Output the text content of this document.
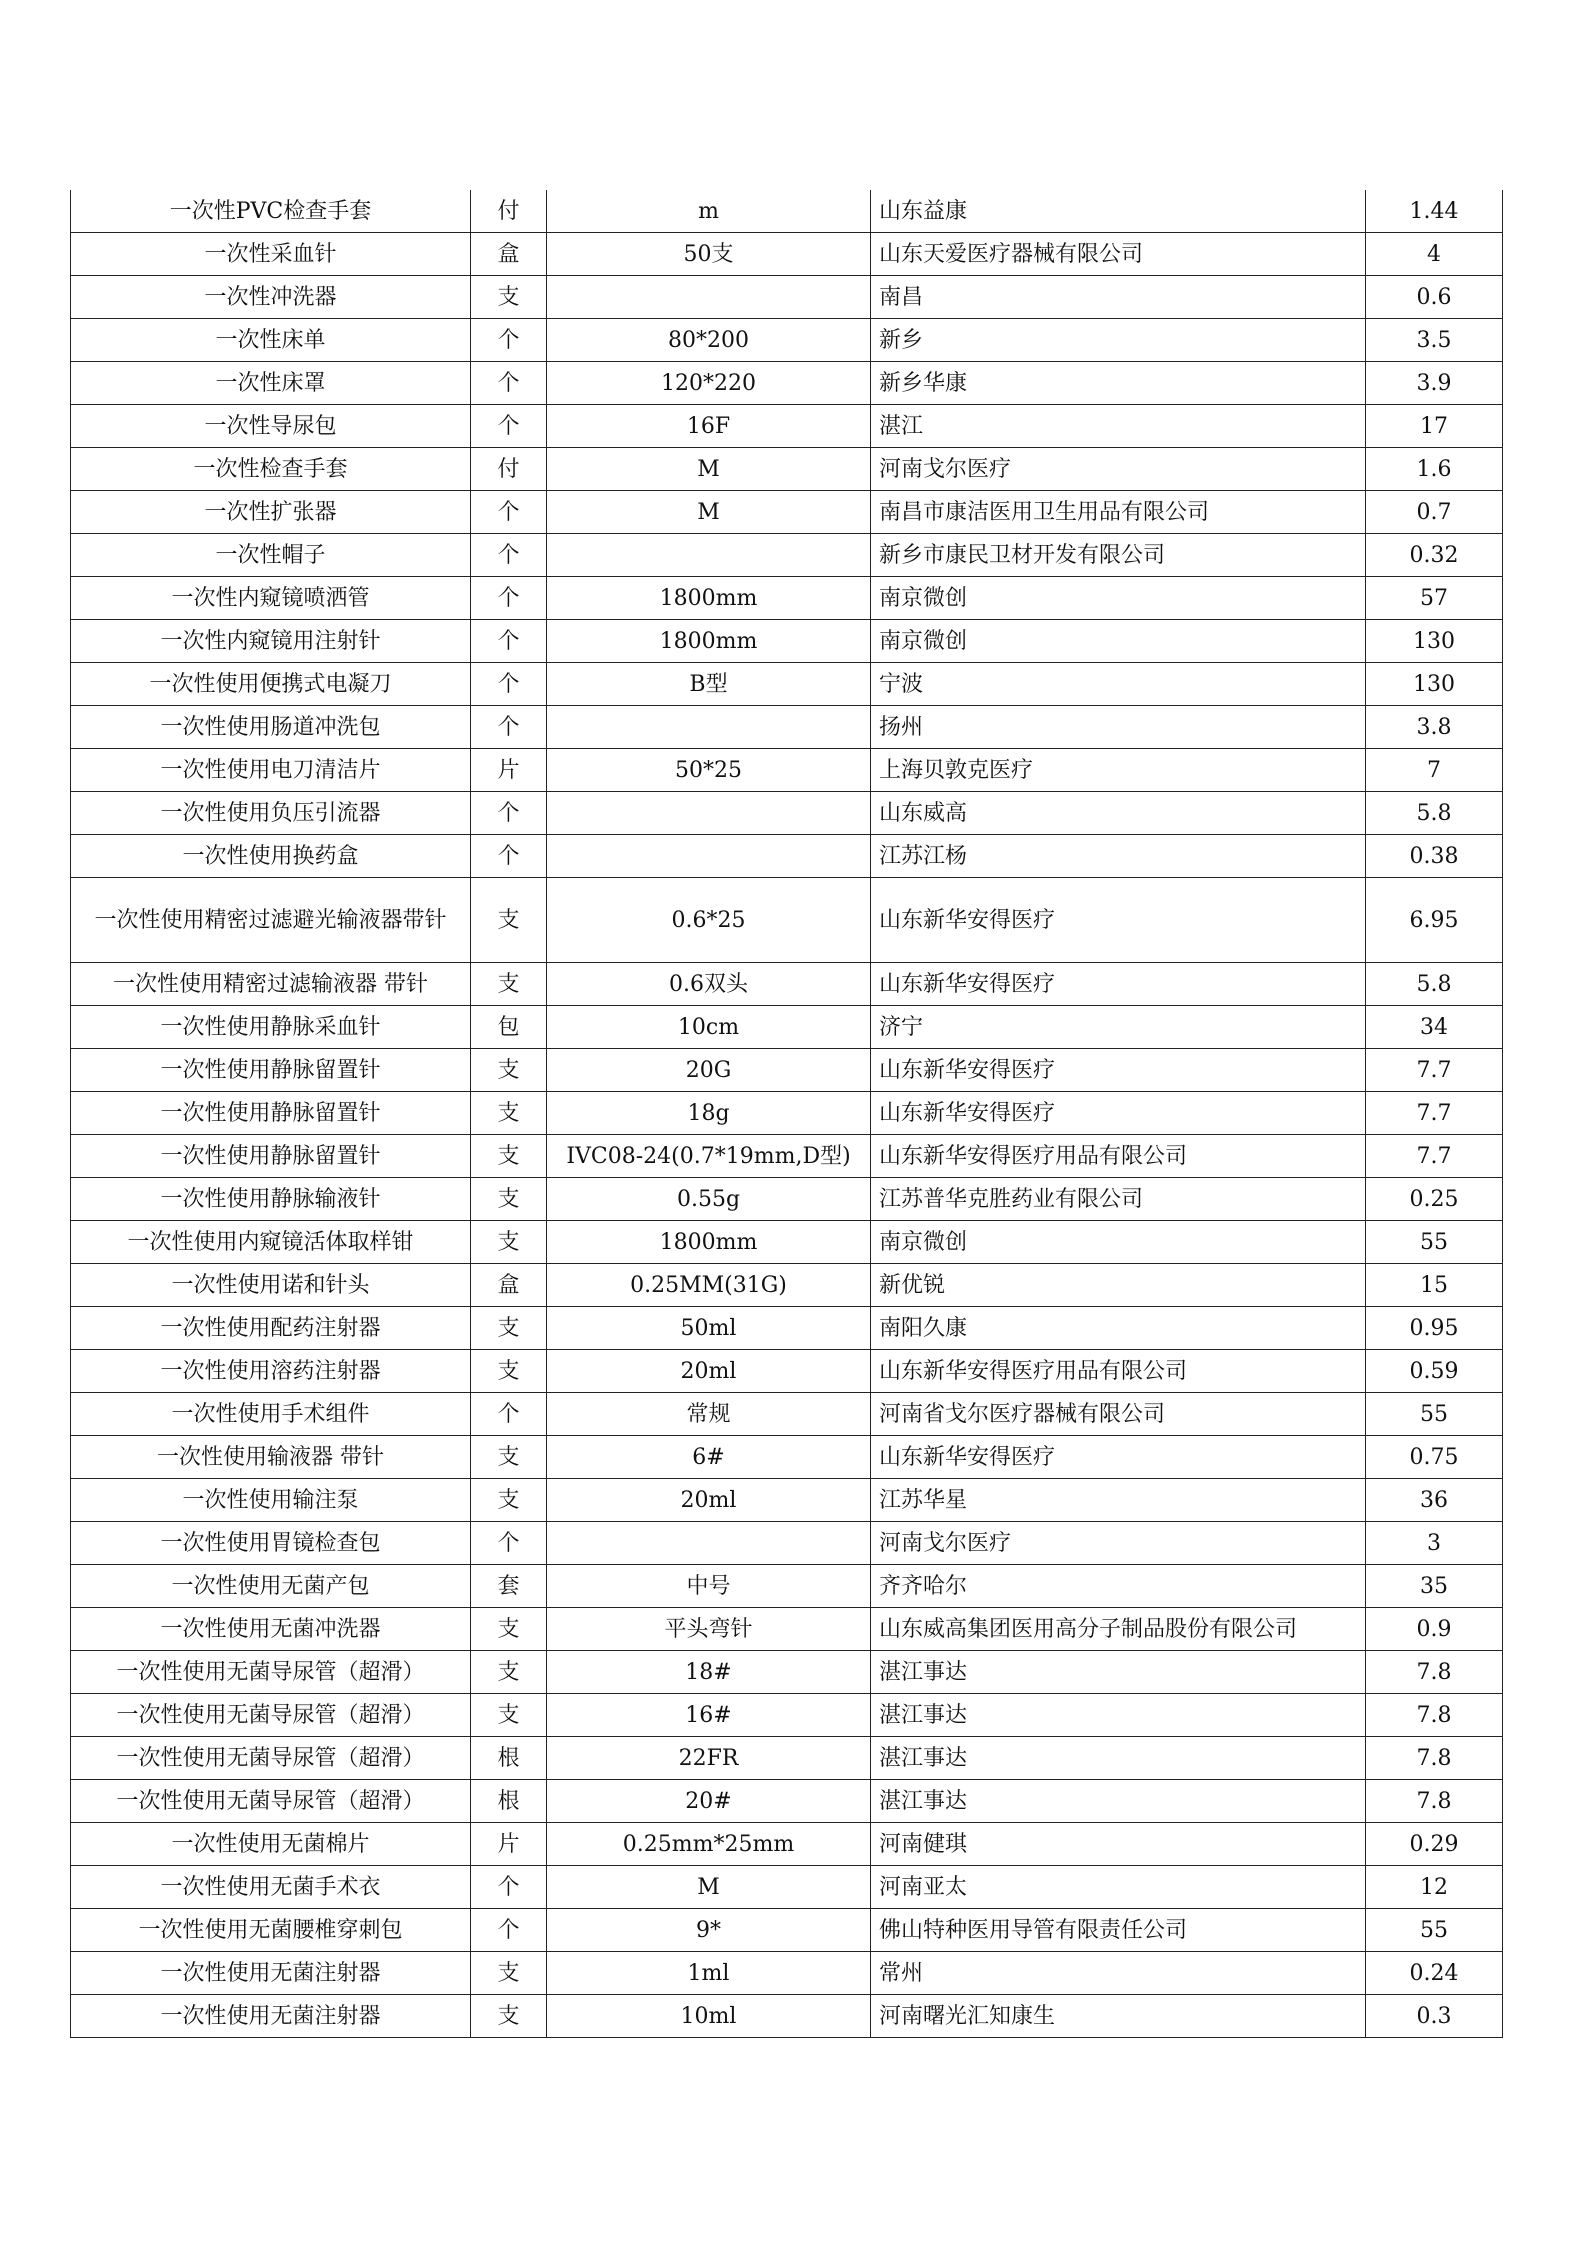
一次性PVC检查手套	付	m	山东益康	1.44
一次性采血针	盒	50支	山东天爱医疗器械有限公司	4
一次性冲洗器	支		南昌	0.6
一次性床单	个	80*200	新乡	3.5
一次性床罩	个	120*220	新乡华康	3.9
一次性导尿包	个	16F	湛江	17
一次性检查手套	付	M	河南戈尔医疗	1.6
一次性扩张器	个	M	南昌市康洁医用卫生用品有限公司	0.7
一次性帽子	个		新乡市康民卫材开发有限公司	0.32
一次性内窥镜喷洒管	个	1800mm	南京微创	57
一次性内窥镜用注射针	个	1800mm	南京微创	130
一次性使用便携式电凝刀	个	B型	宁波	130
一次性使用肠道冲洗包	个		扬州	3.8
一次性使用电刀清洁片	片	50*25	上海贝敦克医疗	7
一次性使用负压引流器	个		山东威高	5.8
一次性使用换药盒	个		江苏江杨	0.38
一次性使用精密过滤避光输液器带针	支	0.6*25	山东新华安得医疗	6.95
一次性使用精密过滤输液器 带针	支	0.6双头	山东新华安得医疗	5.8
一次性使用静脉采血针	包	10cm	济宁	34
一次性使用静脉留置针	支	20G	山东新华安得医疗	7.7
一次性使用静脉留置针	支	18g	山东新华安得医疗	7.7
一次性使用静脉留置针	支	IVC08-24(0.7*19mm,D型)	山东新华安得医疗用品有限公司	7.7
一次性使用静脉输液针	支	0.55g	江苏普华克胜药业有限公司	0.25
一次性使用内窥镜活体取样钳	支	1800mm	南京微创	55
一次性使用诺和针头	盒	0.25MM(31G)	新优锐	15
一次性使用配药注射器	支	50ml	南阳久康	0.95
一次性使用溶药注射器	支	20ml	山东新华安得医疗用品有限公司	0.59
一次性使用手术组件	个	常规	河南省戈尔医疗器械有限公司	55
一次性使用输液器 带针	支	6#	山东新华安得医疗	0.75
一次性使用输注泵	支	20ml	江苏华星	36
一次性使用胃镜检查包	个		河南戈尔医疗	3
一次性使用无菌产包	套	中号	齐齐哈尔	35
一次性使用无菌冲洗器	支	平头弯针	山东威高集团医用高分子制品股份有限公司	0.9
一次性使用无菌导尿管（超滑）	支	18#	湛江事达	7.8
一次性使用无菌导尿管（超滑）	支	16#	湛江事达	7.8
一次性使用无菌导尿管（超滑）	根	22FR	湛江事达	7.8
一次性使用无菌导尿管（超滑）	根	20#	湛江事达	7.8
一次性使用无菌棉片	片	0.25mm*25mm	河南健琪	0.29
一次性使用无菌手术衣	个	M	河南亚太	12
一次性使用无菌腰椎穿刺包	个	9*	佛山特种医用导管有限责任公司	55
一次性使用无菌注射器	支	1ml	常州	0.24
一次性使用无菌注射器	支	10ml	河南曙光汇知康生	0.3
